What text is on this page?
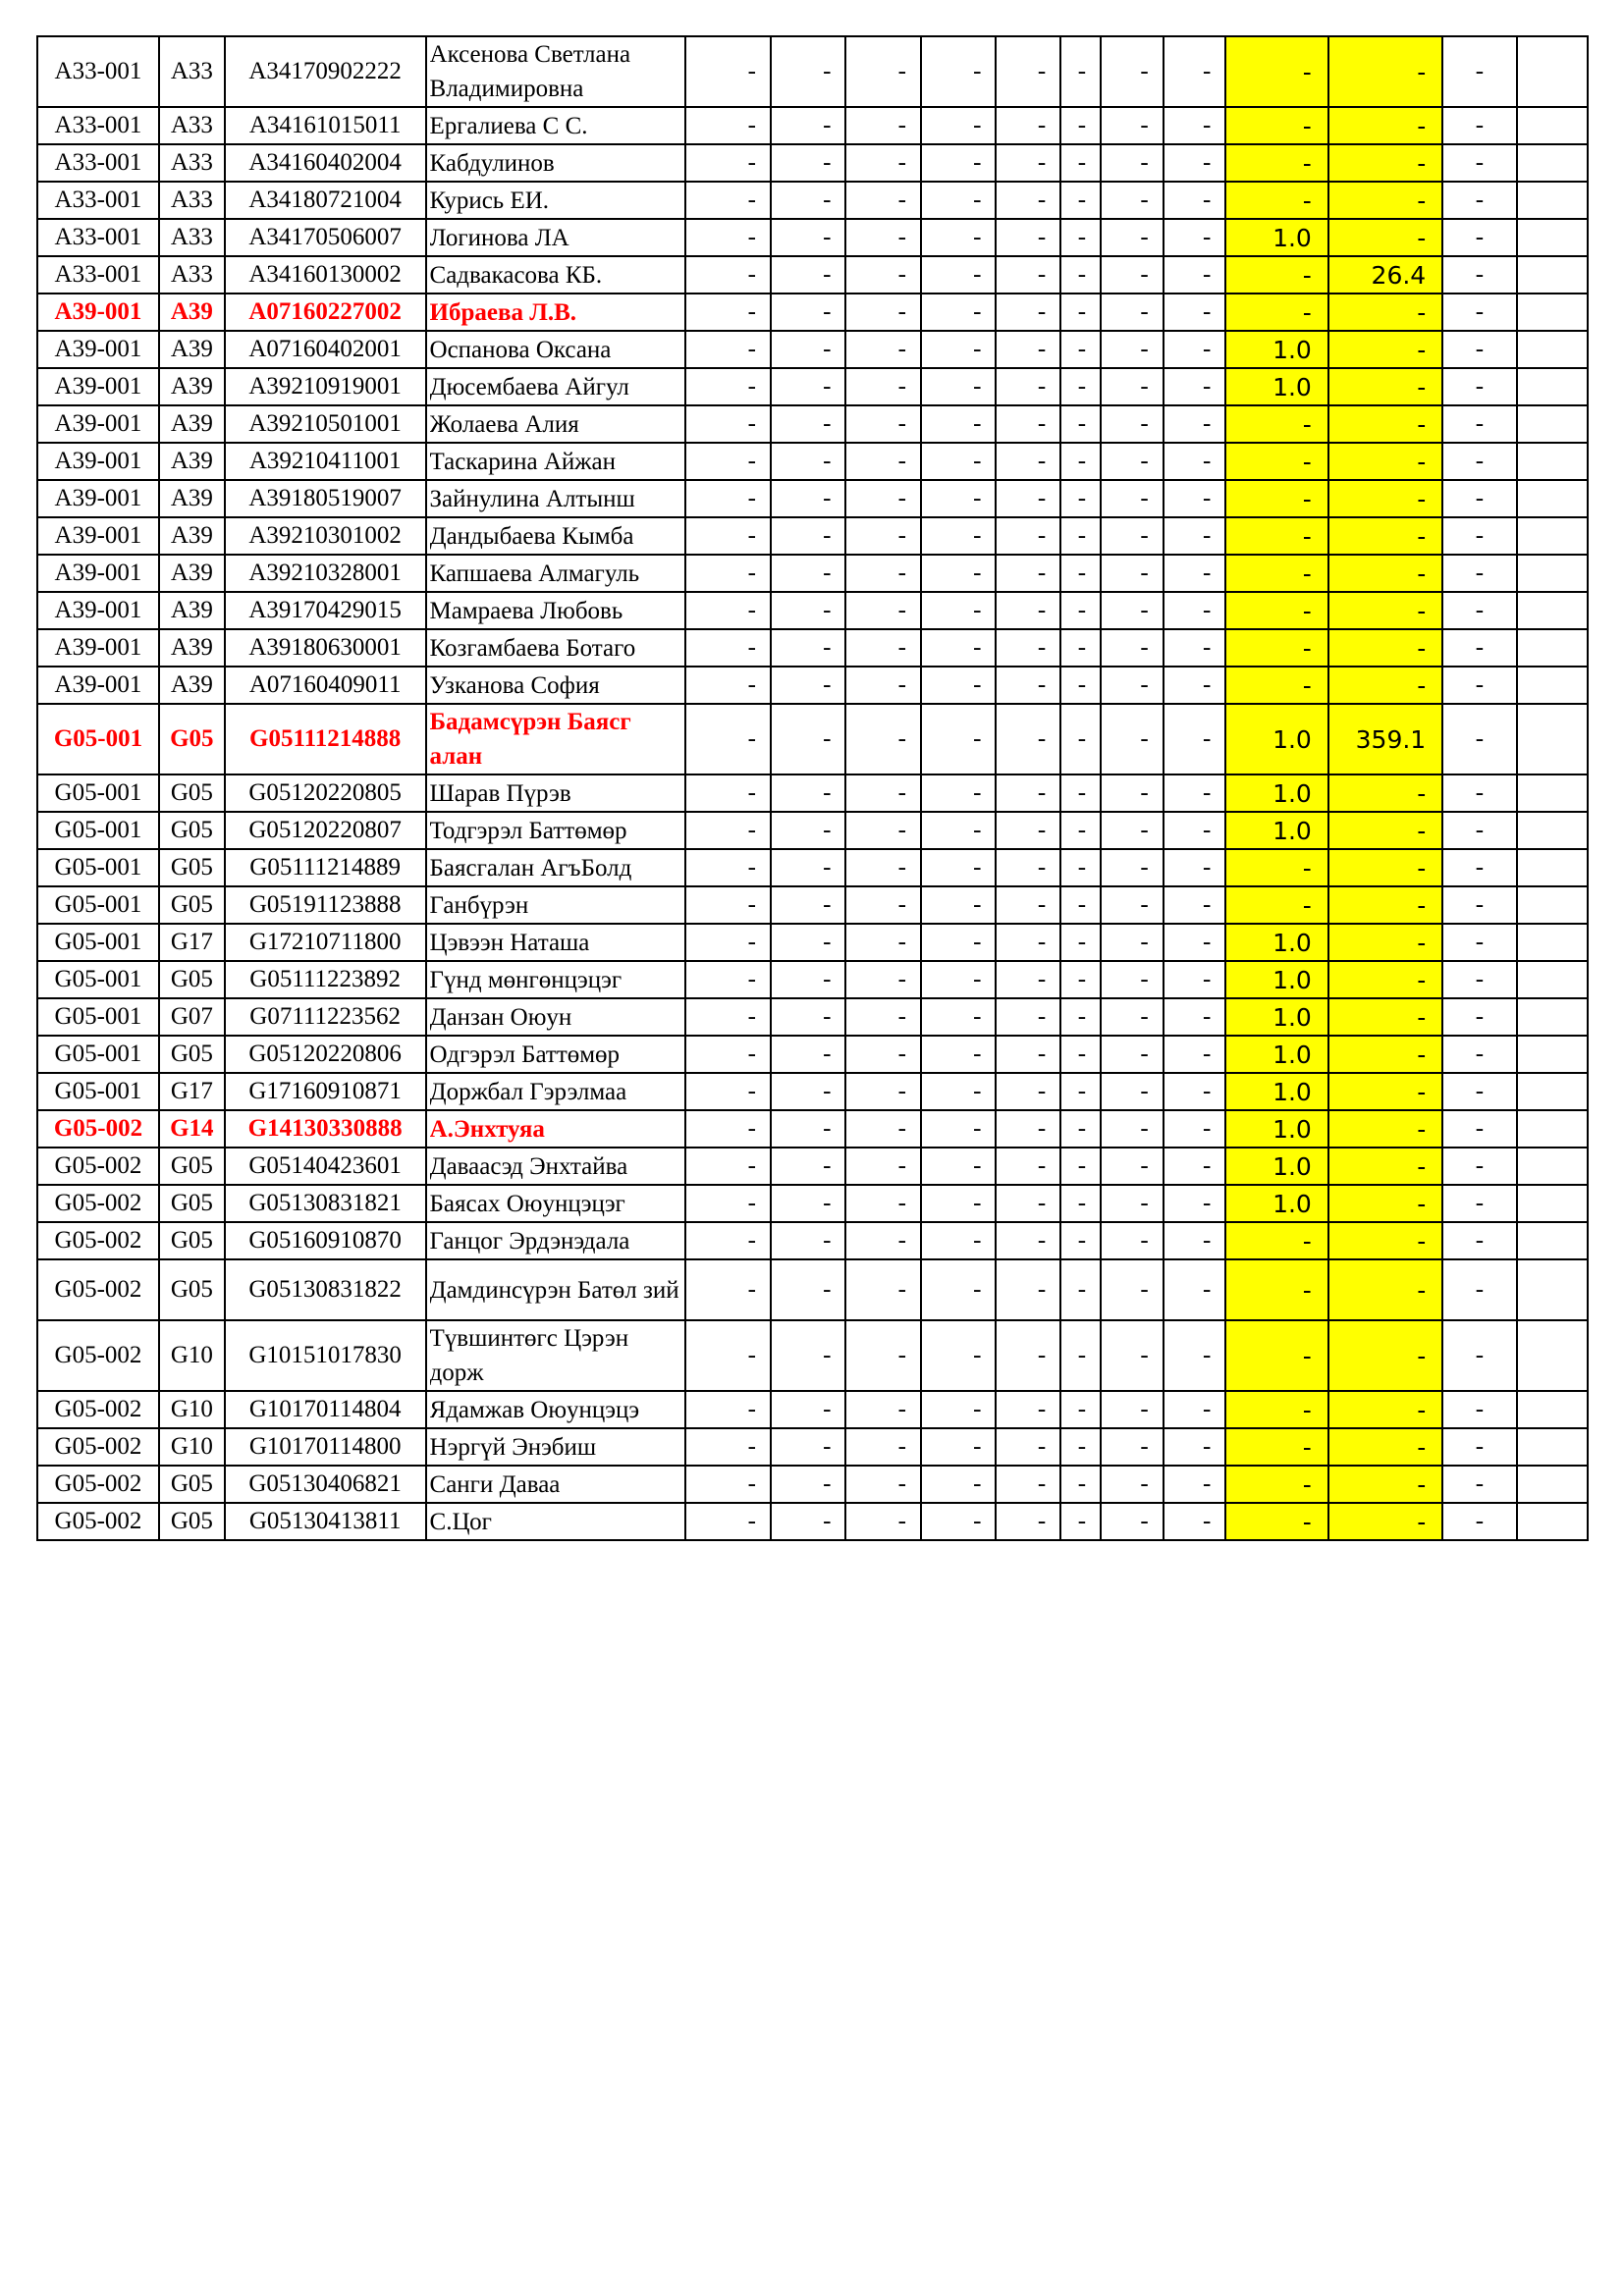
A33-001	A33	A34170902222	Аксенова Светлана Владимировна	-	-	-	-	-	-	-	-	-	-	-	
A33-001	A33	A34161015011	Ергалиева С С.	-	-	-	-	-	-	-	-	-	-	-	
A33-001	A33	A34160402004	Кабдулинов	-	-	-	-	-	-	-	-	-	-	-	
A33-001	A33	A34180721004	Курись ЕИ.	-	-	-	-	-	-	-	-	-	-	-	
A33-001	A33	A34170506007	Логинова ЛА	-	-	-	-	-	-	-	-	1.0	-	-	
A33-001	A33	A34160130002	Садвакасова КБ.	-	-	-	-	-	-	-	-	-	26.4	-	
A39-001	A39	A07160227002	Ибраева Л.В.	-	-	-	-	-	-	-	-	-	-	-	
A39-001	A39	A07160402001	Оспанова Оксана	-	-	-	-	-	-	-	-	1.0	-	-	
A39-001	A39	A39210919001	Дюсембаева Айгул	-	-	-	-	-	-	-	-	1.0	-	-	
A39-001	A39	A39210501001	Жолаева Алия	-	-	-	-	-	-	-	-	-	-	-	
A39-001	A39	A39210411001	Таскарина Айжан	-	-	-	-	-	-	-	-	-	-	-	
A39-001	A39	A39180519007	Зайнулина Алтынш	-	-	-	-	-	-	-	-	-	-	-	
A39-001	A39	A39210301002	Дандыбаева Кымба	-	-	-	-	-	-	-	-	-	-	-	
A39-001	A39	A39210328001	Капшаева Алмагуль	-	-	-	-	-	-	-	-	-	-	-	
A39-001	A39	A39170429015	Мамраева Любовь	-	-	-	-	-	-	-	-	-	-	-	
A39-001	A39	A39180630001	Козгамбаева Ботаго	-	-	-	-	-	-	-	-	-	-	-	
A39-001	A39	A07160409011	Узканова София	-	-	-	-	-	-	-	-	-	-	-	
G05-001	G05	G05111214888	Бадамсүрэн Баясг алан	-	-	-	-	-	-	-	-	1.0	359.1	-	
G05-001	G05	G05120220805	Шарав Пүрэв	-	-	-	-	-	-	-	-	1.0	-	-	
G05-001	G05	G05120220807	Тодгэрэл Баттөмөр	-	-	-	-	-	-	-	-	1.0	-	-	
G05-001	G05	G05111214889	Баясгалан АгъБолд	-	-	-	-	-	-	-	-	-	-	-	
G05-001	G05	G05191123888	Ганбүрэн	-	-	-	-	-	-	-	-	-	-	-	
G05-001	G17	G17210711800	Цэвээн Наташа	-	-	-	-	-	-	-	-	1.0	-	-	
G05-001	G05	G05111223892	Гүнд мөнгөнцэцэг	-	-	-	-	-	-	-	-	1.0	-	-	
G05-001	G07	G07111223562	Данзан Оюун	-	-	-	-	-	-	-	-	1.0	-	-	
G05-001	G05	G05120220806	Одгэрэл Баттөмөр	-	-	-	-	-	-	-	-	1.0	-	-	
G05-001	G17	G17160910871	Доржбал Гэрэлмаа	-	-	-	-	-	-	-	-	1.0	-	-	
G05-002	G14	G14130330888	А.Энхтуяа	-	-	-	-	-	-	-	-	1.0	-	-	
G05-002	G05	G05140423601	Даваасэд Энхтайва	-	-	-	-	-	-	-	-	1.0	-	-	
G05-002	G05	G05130831821	Баясах Оюунцэцэг	-	-	-	-	-	-	-	-	1.0	-	-	
G05-002	G05	G05160910870	Ганцог Эрдэнэдала	-	-	-	-	-	-	-	-	-	-	-	
G05-002	G05	G05130831822	Дамдинсүрэн Батөл зий	-	-	-	-	-	-	-	-	-	-	-	
G05-002	G10	G10151017830	Түвшинтөгс Цэрэн дорж	-	-	-	-	-	-	-	-	-	-	-	
G05-002	G10	G10170114804	Ядамжав Оюунцэцэ	-	-	-	-	-	-	-	-	-	-	-	
G05-002	G10	G10170114800	Нэргүй Энэбиш	-	-	-	-	-	-	-	-	-	-	-	
G05-002	G05	G05130406821	Санги Даваа	-	-	-	-	-	-	-	-	-	-	-	
G05-002	G05	G05130413811	С.Цог	-	-	-	-	-	-	-	-	-	-	-	
